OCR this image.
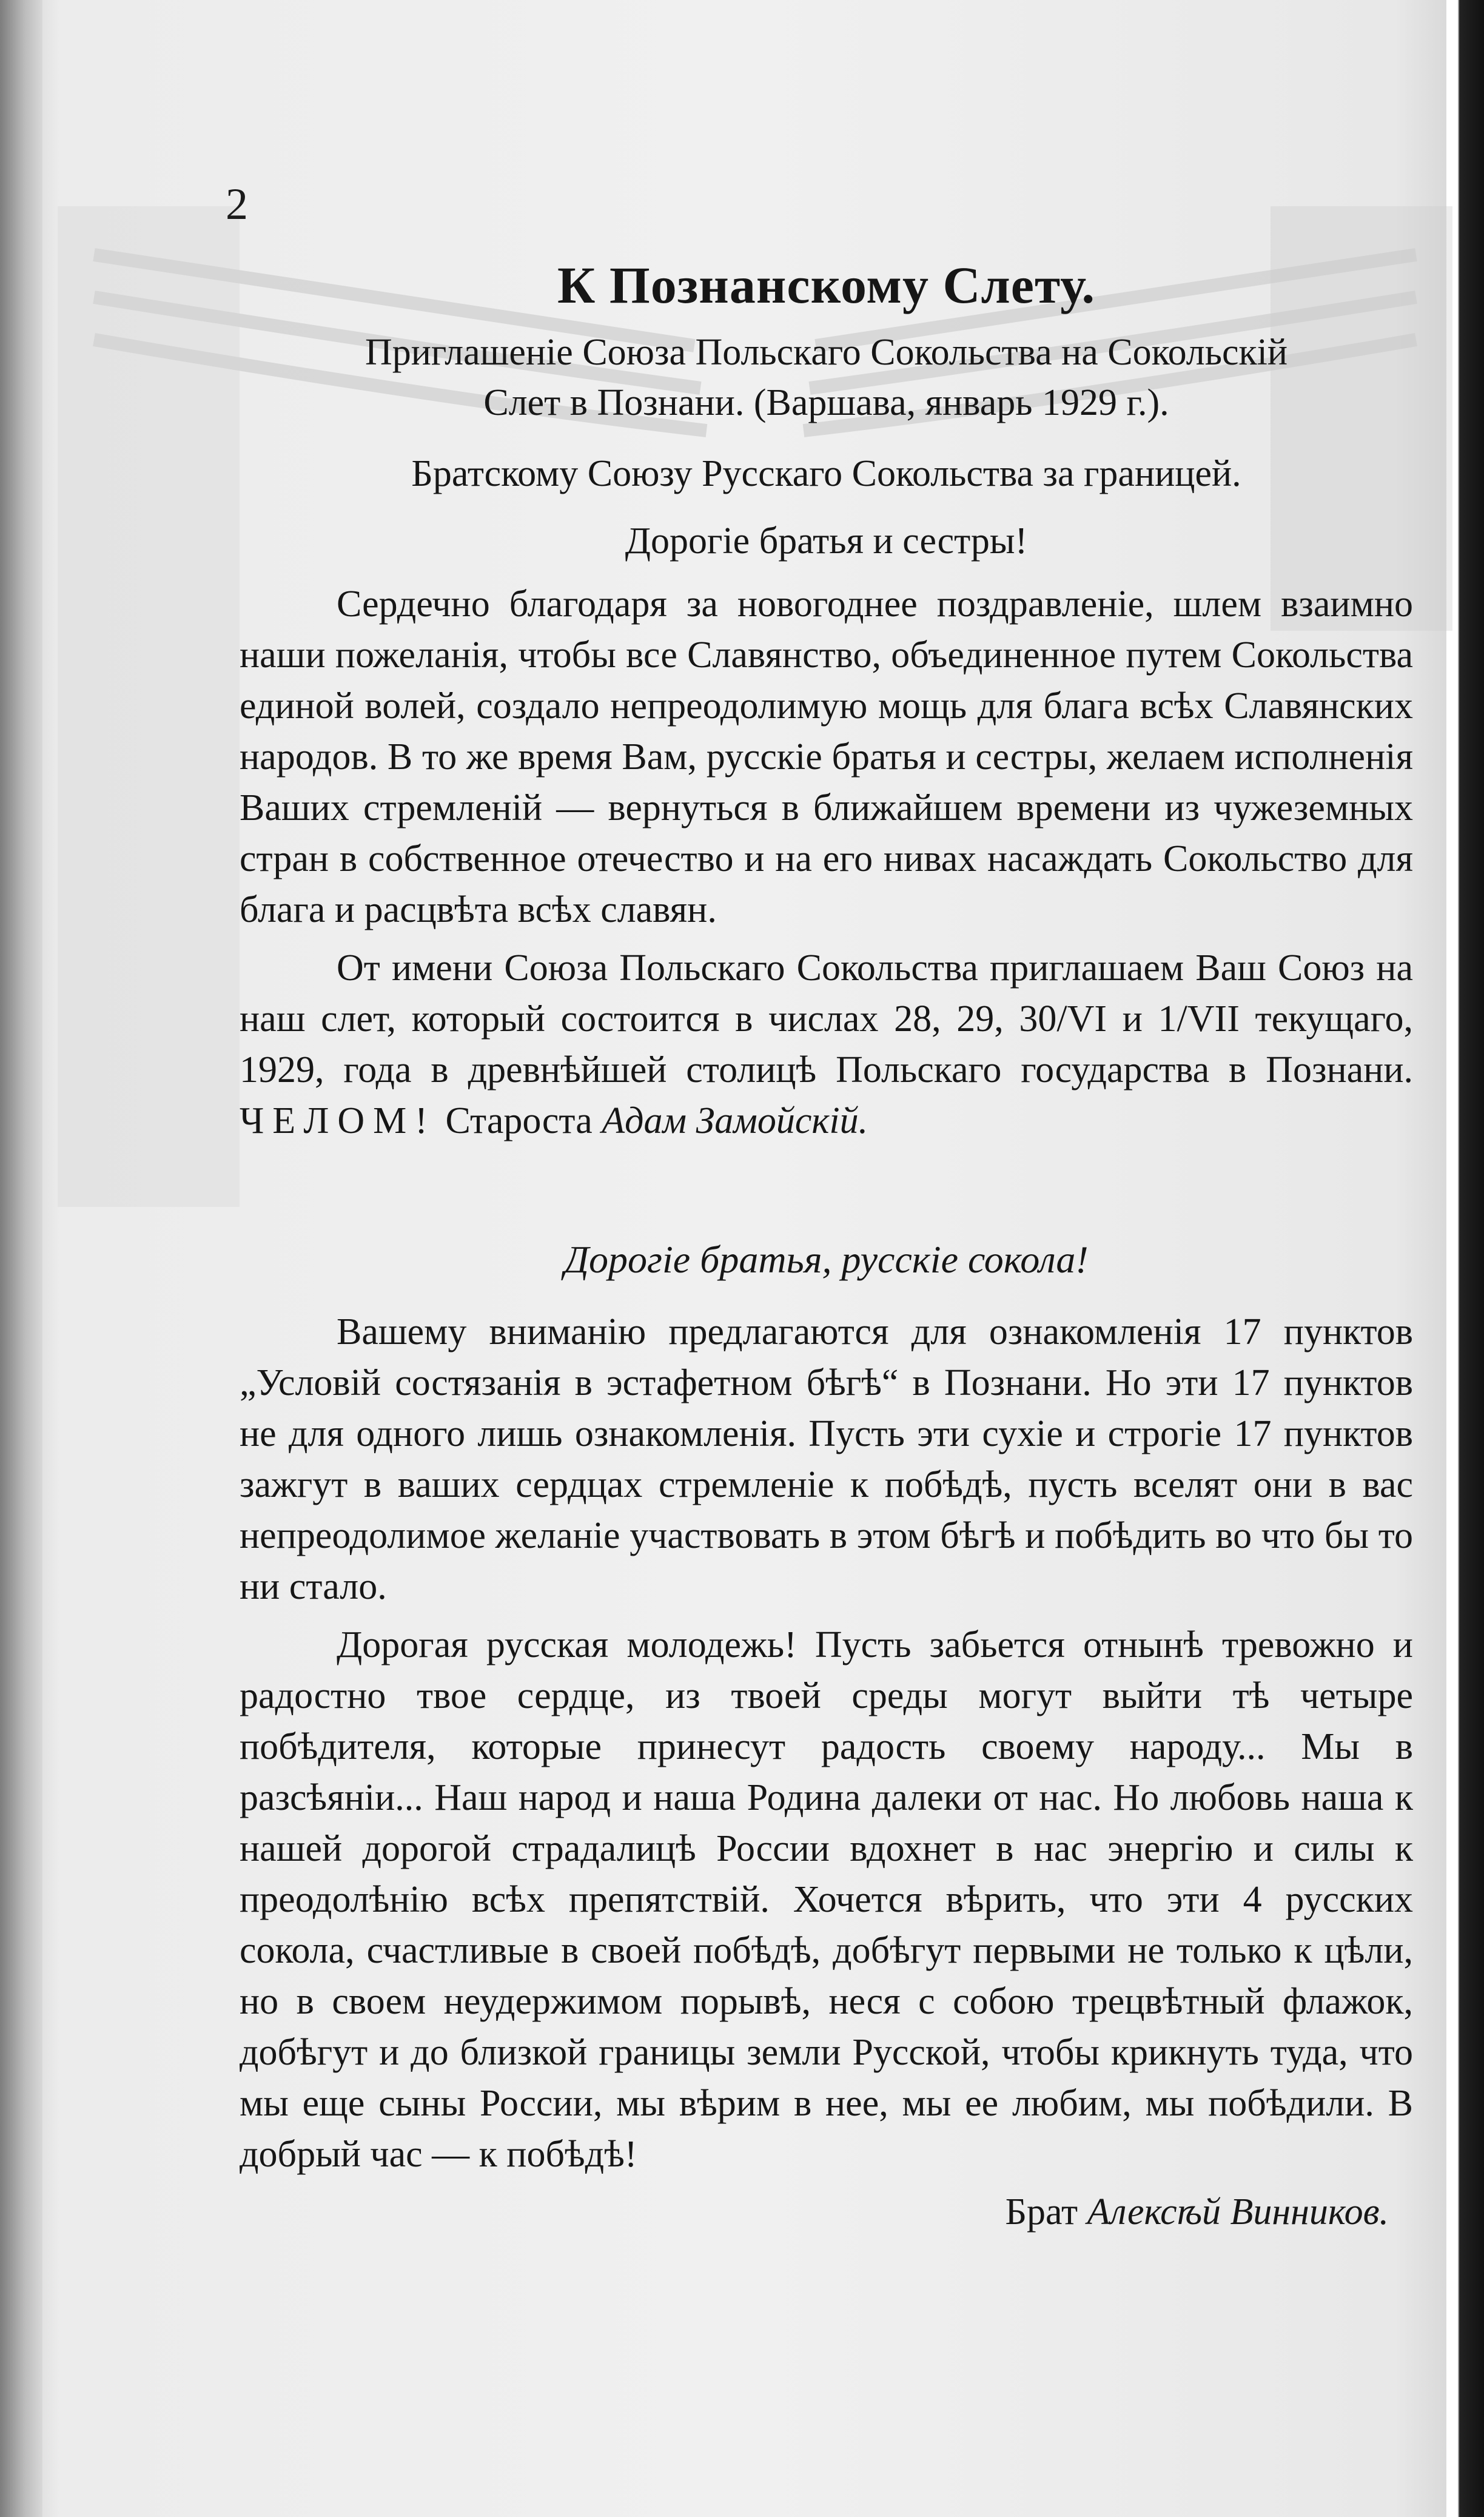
2
К Познанскому Слету.
Приглашеніе Союза Польскаго Сокольства на Сокольскій
Слет в Познани. (Варшава, январь 1929 г.).
Братскому Союзу Русскаго Сокольства за границей.
Дорогіе братья и сестры!

Сердечно благодаря за новогоднее поздравленіе, шлем взаимно наши пожеланія, чтобы все Славянство, объединенное путем Сокольства единой волей, создало непреодолимую мощь для блага всѣх Славянских народов. В то же время Вам, русскіе братья и сестры, желаем исполненія Ваших стремленій — вернуться в ближайшем времени из чужеземных стран в собственное отечество и на его нивах насаждать Сокольство для блага и расцвѣта всѣх славян.

От имени Союза Польскаго Сокольства приглашаем Ваш Союз на наш слет, который состоится в числах 28, 29, 30/VI и 1/VII текущаго, 1929, года в древнѣйшей столицѣ Польскаго государства в Познани. ЧЕЛОМ! Староста Адам Замойскій.

Дорогіе братья, русскіе сокола!

Вашему вниманію предлагаются для ознакомленія 17 пунктов „Условій состязанія в эстафетном бѣгѣ“ в Познани. Но эти 17 пунктов не для одного лишь ознакомленія. Пусть эти сухіе и строгіе 17 пунктов зажгут в ваших сердцах стремленіе к побѣдѣ, пусть вселят они в вас непреодолимое желаніе участвовать в этом бѣгѣ и побѣдить во что бы то ни стало.

Дорогая русская молодежь! Пусть забьется отнынѣ тревожно и радостно твое сердце, из твоей среды могут выйти тѣ четыре побѣдителя, которые принесут радость своему народу... Мы в разсѣяніи... Наш народ и наша Родина далеки от нас. Но любовь наша к нашей дорогой страдалицѣ России вдохнет в нас энергію и силы к преодолѣнію всѣх препятствій. Хочется вѣрить, что эти 4 русских сокола, счастливые в своей побѣдѣ, добѣгут первыми не только к цѣли, но в своем неудержимом порывѣ, неся с собою трецвѣтный флажок, добѣгут и до близкой границы земли Русской, чтобы крикнуть туда, что мы еще сыны России, мы вѣрим в нее, мы ее любим, мы побѣдили. В добрый час — к побѣдѣ!

Брат Алексѣй Винников.
